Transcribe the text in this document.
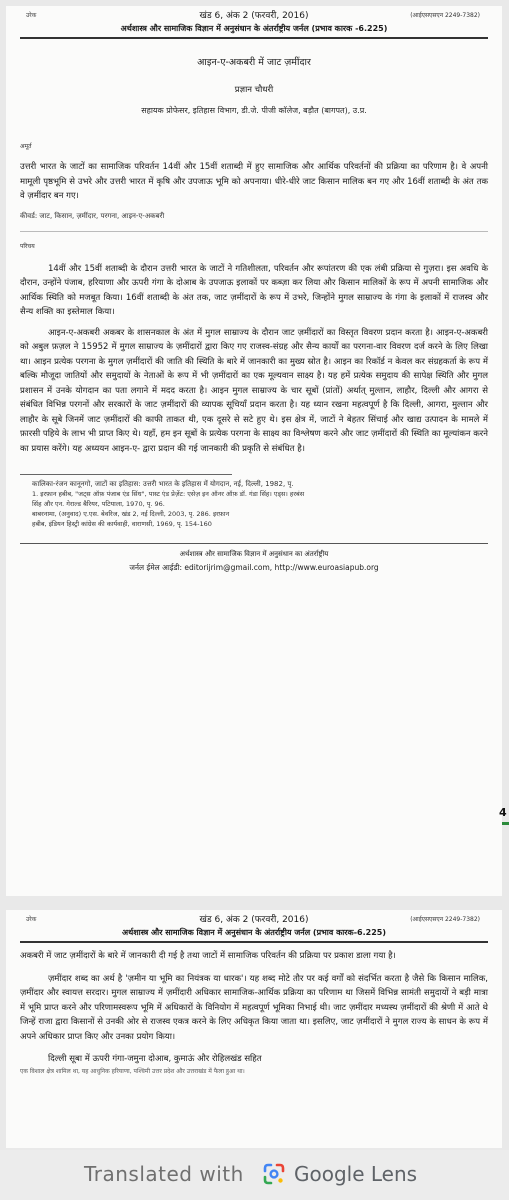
उरेक	खंड 6, अंक 2 (फरवरी, 2016)	(आईएसएसएन 2249-7382)
अर्थशास्त्र और सामाजिक विज्ञान में अनुसंधान के अंतर्राष्ट्रीय जर्नल (प्रभाव कारक -6.225)
आइन-ए-अकबरी में जाट ज़मींदार
प्रज्ञान चौधरी
सहायक प्रोफेसर, इतिहास विभाग, डी.जे. पीजी कॉलेज, बड़ौत (बागपत), उ.प्र.
अमूर्त
उत्तरी भारत के जाटों का सामाजिक परिवर्तन 14वीं और 15वीं शताब्दी में हुए सामाजिक और आर्थिक परिवर्तनों की प्रक्रिया का परिणाम है। वे अपनी मामूली पृष्ठभूमि से उभरे और उत्तरी भारत में कृषि और उपजाऊ भूमि को अपनाया। धीरे-धीरे जाट किसान मालिक बन गए और 16वीं शताब्दी के अंत तक वे ज़मींदार बन गए।
कीवर्ड: जाट, किसान, ज़मींदार, परगना, आइन-ए-अकबरी
परिचय
14वीं और 15वीं शताब्दी के दौरान उत्तरी भारत के जाटों ने गतिशीलता, परिवर्तन और रूपांतरण की एक लंबी प्रक्रिया से गुज़रा। इस अवधि के दौरान, उन्होंने पंजाब, हरियाणा और ऊपरी गंगा के दोआब के उपजाऊ इलाकों पर कब्ज़ा कर लिया और किसान मालिकों के रूप में अपनी सामाजिक और आर्थिक स्थिति को मजबूत किया। 16वीं शताब्दी के अंत तक, जाट ज़मींदारों के रूप में उभरे, जिन्होंने मुगल साम्राज्य के गंगा के इलाकों में राजस्व और सैन्य शक्ति का इस्तेमाल किया।
आइन-ए-अकबरी अकबर के शासनकाल के अंत में मुगल साम्राज्य के दौरान जाट ज़मींदारों का विस्तृत विवरण प्रदान करता है। आइन-ए-अकबरी को अबुल फ़ज़ल ने 15952 में मुगल साम्राज्य के ज़मींदारों द्वारा किए गए राजस्व-संग्रह और सैन्य कार्यों का परगना-वार विवरण दर्ज करने के लिए लिखा था। आइन प्रत्येक परगना के मुगल ज़मींदारों की जाति की स्थिति के बारे में जानकारी का मुख्य स्रोत है। आइन का रिकॉर्ड न केवल कर संग्रहकर्ता के रूप में बल्कि मौजूदा जातियों और समुदायों के नेताओं के रूप में भी ज़मींदारों का एक मूल्यवान साक्ष्य है। यह हमें प्रत्येक समुदाय की सापेक्ष स्थिति और मुगल प्रशासन में उनके योगदान का पता लगाने में मदद करता है। आइन मुगल साम्राज्य के चार सूबों (प्रांतों) अर्थात् मुल्तान, लाहौर, दिल्ली और आगरा से संबंधित विभिन्न परगनों और सरकारों के जाट ज़मींदारों की व्यापक सूचियाँ प्रदान करता है। यह ध्यान रखना महत्वपूर्ण है कि दिल्ली, आगरा, मुल्तान और लाहौर के सूबे जिनमें जाट ज़मींदारों की काफी ताकत थी, एक दूसरे से सटे हुए थे। इस क्षेत्र में, जाटों ने बेहतर सिंचाई और खाद्य उत्पादन के मामले में फ़ारसी पहिये के लाभ भी प्राप्त किए थे। यहाँ, हम इन सूबों के प्रत्येक परगना के साक्ष्य का विश्लेषण करने और जाट ज़मींदारों की स्थिति का मूल्यांकन करने का प्रयास करेंगे। यह अध्ययन आइन-ए- द्वारा प्रदान की गई जानकारी की प्रकृति से संबंधित है।
कालिका-रंजन कानूनगो, जाटों का इतिहास: उत्तरी भारत के इतिहास में योगदान, नई, दिल्ली, 1982, पृ.
1. इरफ़ान हबीब, "जट्स ऑफ़ पंजाब एंड सिंध", पास्ट एंड प्रेज़ेंट: एसेज़ इन ऑनर ऑफ़ डॉ. गंडा सिंह। एड्स। हरबंस
सिंह और एन. गेराल्ड बैरियर, पटियाला, 1970, पृ. 96.
बाबरनामा, (अनुवाद) ए.एस. बेवरिज, खंड 2, नई दिल्ली, 2003, पृ. 286. इरफ़ान
हबीब, इंडियन हिस्ट्री कांग्रेस की कार्यवाही, वाराणसी, 1969, पृ. 154-160
अर्थशास्त्र और सामाजिक विज्ञान में अनुसंधान का अंतर्राष्ट्रीय
जर्नल ईमेल आईडी: editorijrim@gmail.com, http://www.euroasiapub.org
4
उरेक	खंड 6, अंक 2 (फरवरी, 2016)	(आईएसएसएन 2249-7382)
अर्थशास्त्र और सामाजिक विज्ञान में अनुसंधान के अंतर्राष्ट्रीय जर्नल (प्रभाव कारक-6.225)
अकबरी में जाट ज़मींदारों के बारे में जानकारी दी गई है तथा जाटों में सामाजिक परिवर्तन की प्रक्रिया पर प्रकाश डाला गया है।
ज़मींदार शब्द का अर्थ है 'ज़मीन या भूमि का नियंत्रक या धारक'। यह शब्द मोटे तौर पर कई वर्गों को संदर्भित करता है जैसे कि किसान मालिक, ज़मींदार और स्वायत्त सरदार। मुगल साम्राज्य में ज़मींदारी अधिकार सामाजिक-आर्थिक प्रक्रिया का परिणाम था जिसमें विभिन्न सामंती समुदायों ने बड़ी मात्रा में भूमि प्राप्त करने और परिणामस्वरूप भूमि में अधिकारों के विनियोग में महत्वपूर्ण भूमिका निभाई थी। जाट ज़मींदार मध्यस्थ ज़मींदारों की श्रेणी में आते थे जिन्हें राजा द्वारा किसानों से उनकी ओर से राजस्व एकत्र करने के लिए अधिकृत किया जाता था। इसलिए, जाट ज़मींदारों ने मुगल राज्य के साधन के रूप में अपने अधिकार प्राप्त किए और उनका प्रयोग किया।
दिल्ली सूबा में ऊपरी गंगा-जमुना दोआब, कुमाऊं और रोहिलखंड सहित
एक विशाल क्षेत्र शामिल था, यह आधुनिक हरियाणा, पश्चिमी उत्तर प्रदेश और उत्तराखंड में फैला हुआ था।
Translated with	Google Lens
